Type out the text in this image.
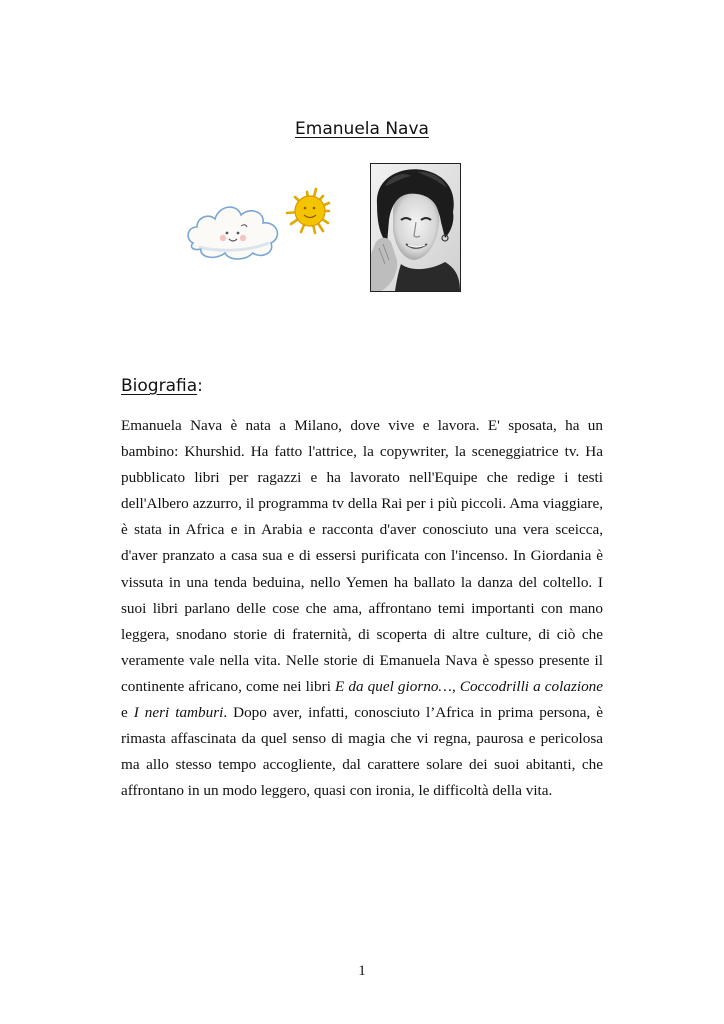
Emanuela Nava
Biografia:

Emanuela Nava è nata a Milano, dove vive e lavora. E' sposata, ha un bambino: Khurshid. Ha fatto l'attrice, la copywriter, la sceneggiatrice tv. Ha pubblicato libri per ragazzi e ha lavorato nell'Equipe che redige i testi dell'Albero azzurro, il programma tv della Rai per i più piccoli. Ama viaggiare, è stata in Africa e in Arabia e racconta d'aver conosciuto una vera sceicca, d'aver pranzato a casa sua e di essersi purificata con l'incenso. In Giordania è vissuta in una tenda beduina, nello Yemen ha ballato la danza del coltello. I suoi libri parlano delle cose che ama, affrontano temi importanti con mano leggera, snodano storie di fraternità, di scoperta di altre culture, di ciò che veramente vale nella vita. Nelle storie di Emanuela Nava è spesso presente il continente africano, come nei libri E da quel giorno…, Coccodrilli a colazione e I neri tamburi. Dopo aver, infatti, conosciuto l’Africa in prima persona, è rimasta affascinata da quel senso di magia che vi regna, paurosa e pericolosa ma allo stesso tempo accogliente, dal carattere solare dei suoi abitanti, che affrontano in un modo leggero, quasi con ironia, le difficoltà della vita.

1
